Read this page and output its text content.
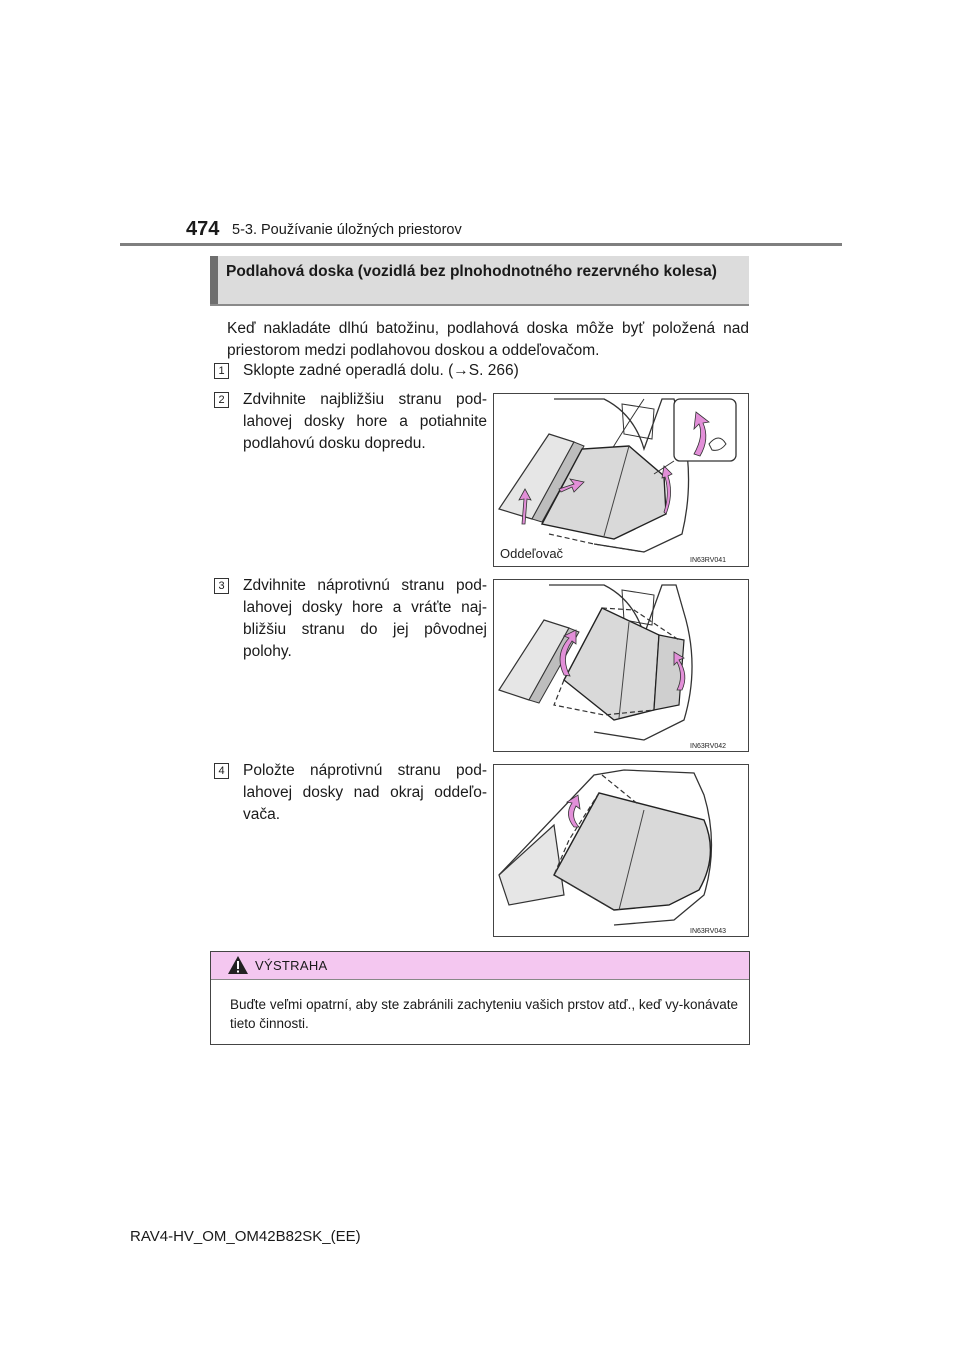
474 5-3. Používanie úložných priestorov
Podlahová doska (vozidlá bez plnohodnotného rezervného kolesa)
Keď nakladáte dlhú batožinu, podlahová doska môže byť položená nad priestorom medzi podlahovou doskou a oddeľovačom.
1 Sklopte zadné operadlá dolu. (→S. 266)
2 Zdvihnite najbližšiu stranu pod-lahovej dosky hore a potiahnite podlahovú dosku dopredu.
Oddeľovač	IN63RV041
3 Zdvihnite náprotivnú stranu pod-lahovej dosky hore a vráťte naj-bližšiu stranu do jej pôvodnej polohy.
IN63RV042
4 Položte náprotivnú stranu pod-lahovej dosky nad okraj oddeľo-vača.
IN63RV043
VÝSTRAHA
Buďte veľmi opatrní, aby ste zabránili zachyteniu vašich prstov atď., keď vy-konávate tieto činnosti.
RAV4-HV_OM_OM42B82SK_(EE)
